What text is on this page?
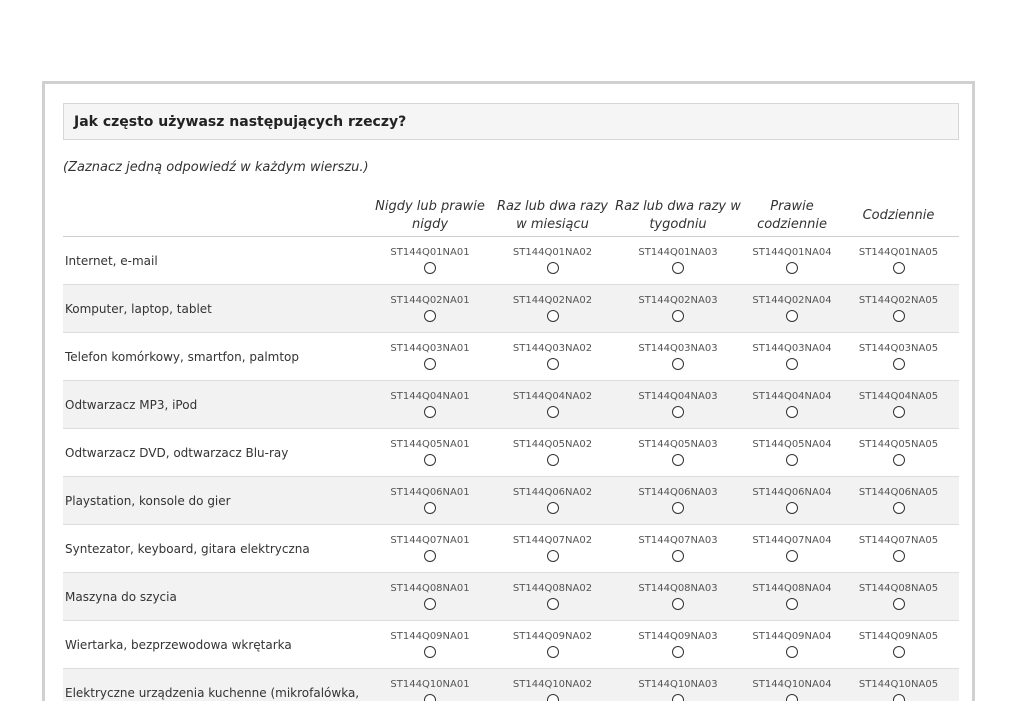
Jak często używasz następujących rzeczy?
(Zaznacz jedną odpowiedź w każdym wierszu.)
	Nigdy lub prawie nigdy	Raz lub dwa razy w miesiącu	Raz lub dwa razy w tygodniu	Prawie codziennie	Codziennie
Internet, e-mail	ST144Q01NA01	ST144Q01NA02	ST144Q01NA03	ST144Q01NA04	ST144Q01NA05

Komputer, laptop, tablet	ST144Q02NA01	ST144Q02NA02	ST144Q02NA03	ST144Q02NA04	ST144Q02NA05

Telefon komórkowy, smartfon, palmtop	ST144Q03NA01	ST144Q03NA02	ST144Q03NA03	ST144Q03NA04	ST144Q03NA05

Odtwarzacz MP3, iPod	ST144Q04NA01	ST144Q04NA02	ST144Q04NA03	ST144Q04NA04	ST144Q04NA05

Odtwarzacz DVD, odtwarzacz Blu-ray	ST144Q05NA01	ST144Q05NA02	ST144Q05NA03	ST144Q05NA04	ST144Q05NA05

Playstation, konsole do gier	ST144Q06NA01	ST144Q06NA02	ST144Q06NA03	ST144Q06NA04	ST144Q06NA05

Syntezator, keyboard, gitara elektryczna	ST144Q07NA01	ST144Q07NA02	ST144Q07NA03	ST144Q07NA04	ST144Q07NA05

Maszyna do szycia	ST144Q08NA01	ST144Q08NA02	ST144Q08NA03	ST144Q08NA04	ST144Q08NA05

Wiertarka, bezprzewodowa wkrętarka	ST144Q09NA01	ST144Q09NA02	ST144Q09NA03	ST144Q09NA04	ST144Q09NA05

Elektryczne urządzenia kuchenne (mikrofalówka,	ST144Q10NA01	ST144Q10NA02	ST144Q10NA03	ST144Q10NA04	ST144Q10NA05
